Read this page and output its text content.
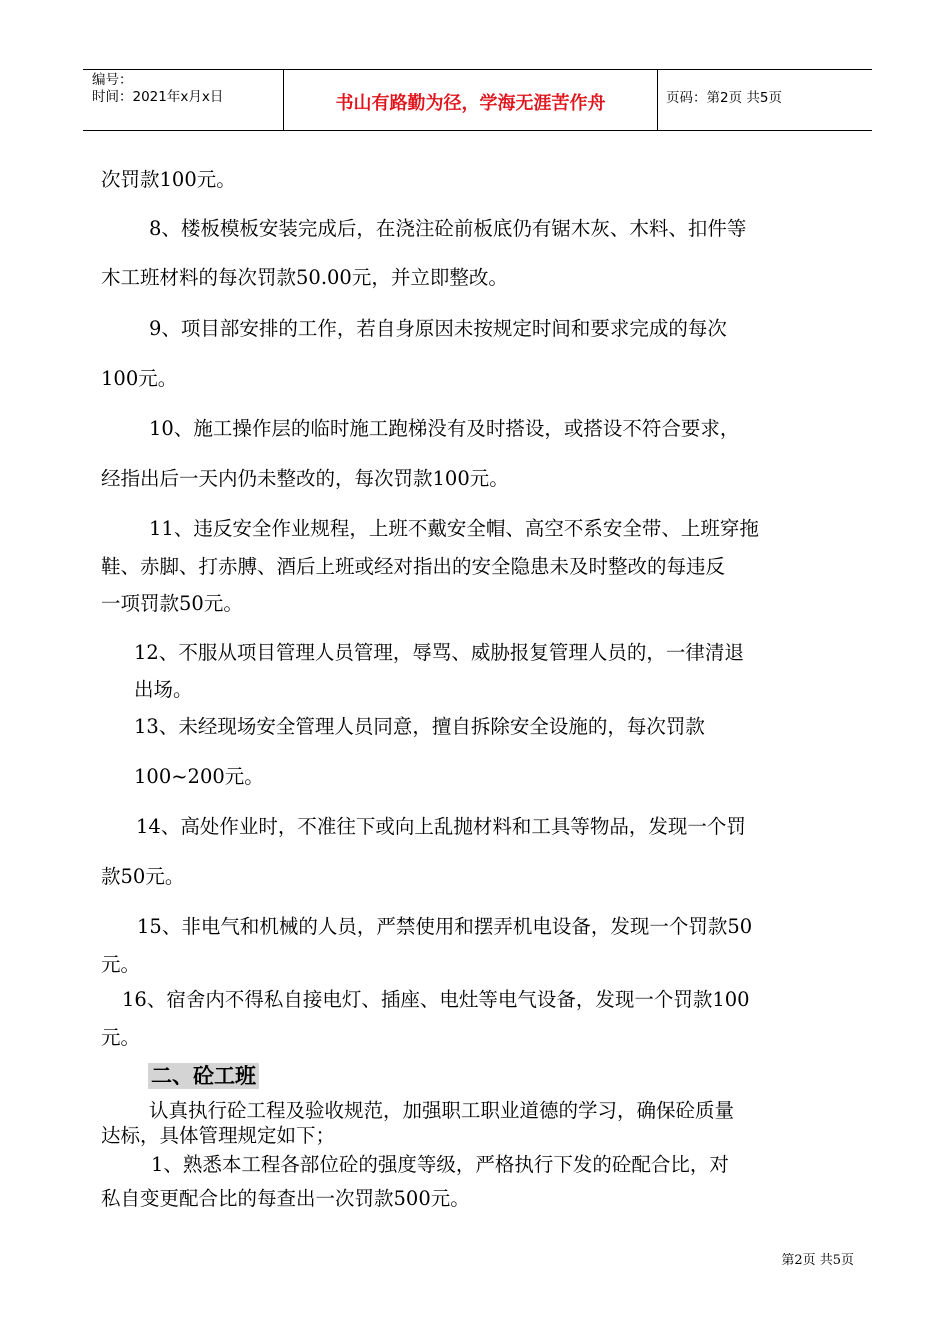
编号：
时间：2021年x月x日	书山有路勤为径，学海无涯苦作舟	页码：第2页 共5页
次罚款100元。
8、楼板模板安装完成后，在浇注砼前板底仍有锯木灰、木料、扣件等
木工班材料的每次罚款50.00元，并立即整改。
9、项目部安排的工作，若自身原因未按规定时间和要求完成的每次
100元。
10、施工操作层的临时施工跑梯没有及时搭设，或搭设不符合要求，
经指出后一天内仍未整改的，每次罚款100元。
11、违反安全作业规程，上班不戴安全帽、高空不系安全带、上班穿拖
鞋、赤脚、打赤膊、酒后上班或经对指出的安全隐患未及时整改的每违反
一项罚款50元。
12、不服从项目管理人员管理，辱骂、威胁报复管理人员的，一律清退
出场。
13、未经现场安全管理人员同意，擅自拆除安全设施的，每次罚款
100~200元。
14、高处作业时，不准往下或向上乱抛材料和工具等物品，发现一个罚
款50元。
15、非电气和机械的人员，严禁使用和摆弄机电设备，发现一个罚款50
元。
16、宿舍内不得私自接电灯、插座、电灶等电气设备，发现一个罚款100
元。
二、砼工班
认真执行砼工程及验收规范，加强职工职业道德的学习，确保砼质量
达标，具体管理规定如下；
1、熟悉本工程各部位砼的强度等级，严格执行下发的砼配合比，对
私自变更配合比的每查出一次罚款500元。
第2页 共5页
